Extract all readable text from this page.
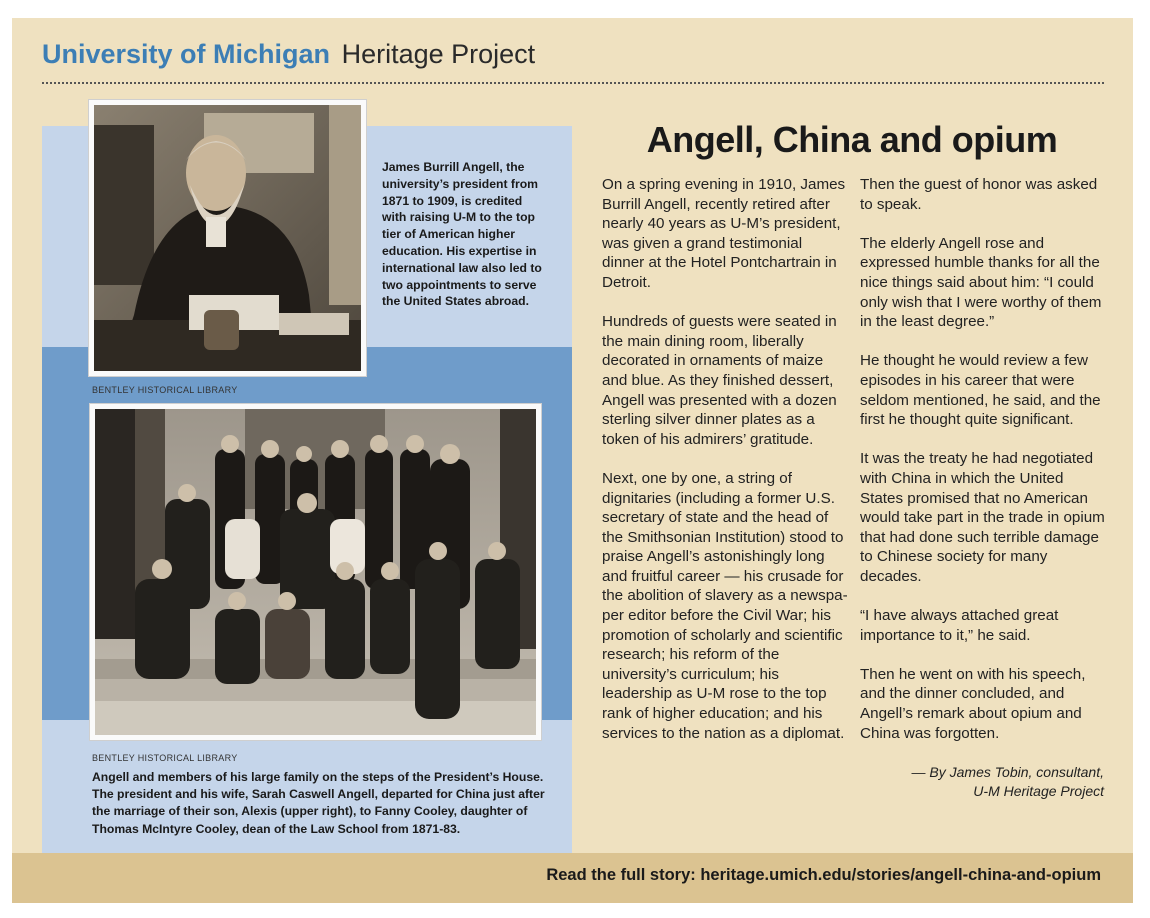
University of Michigan Heritage Project
James Burrill Angell, the university’s president from 1871 to 1909, is credited with raising U-M to the top tier of American higher education. His expertise in international law also led to two appointments to serve the United States abroad.
BENTLEY HISTORICAL LIBRARY
BENTLEY HISTORICAL LIBRARY
Angell and members of his large family on the steps of the President’s House. The president and his wife, Sarah Caswell Angell, departed for China just after the marriage of their son, Alexis (upper right), to Fanny Cooley, daughter of Thomas McIntyre Cooley, dean of the Law School from 1871-83.
Angell, China and opium

On a spring evening in 1910, James Burrill Angell, recently retired after nearly 40 years as U-M’s president, was given a grand testimonial dinner at the Hotel Pontchartrain in Detroit.

Hundreds of guests were seated in the main dining room, liberally decorated in ornaments of maize and blue. As they finished dessert, Angell was presented with a dozen sterling silver dinner plates as a token of his admirers’ gratitude.

Next, one by one, a string of dignitaries (including a former U.S. secretary of state and the head of the Smithsonian Institution) stood to praise Angell’s astonishingly long and fruitful career — his crusade for the abolition of slavery as a newspaper editor before the Civil War; his promotion of scholarly and scientific research; his reform of the university’s curriculum; his leadership as U-M rose to the top rank of higher education; and his services to the nation as a diplomat.

Then the guest of honor was asked to speak.

The elderly Angell rose and expressed humble thanks for all the nice things said about him: “I could only wish that I were worthy of them in the least degree.”

He thought he would review a few episodes in his career that were seldom mentioned, he said, and the first he thought quite significant.

It was the treaty he had negotiated with China in which the United States promised that no American would take part in the trade in opium that had done such terrible damage to Chinese society for many decades.

“I have always attached great importance to it,” he said.

Then he went on with his speech, and the dinner concluded, and Angell’s remark about opium and China was forgotten.

— By James Tobin, consultant,
U-M Heritage Project
Read the full story: heritage.umich.edu/stories/angell-china-and-opium
